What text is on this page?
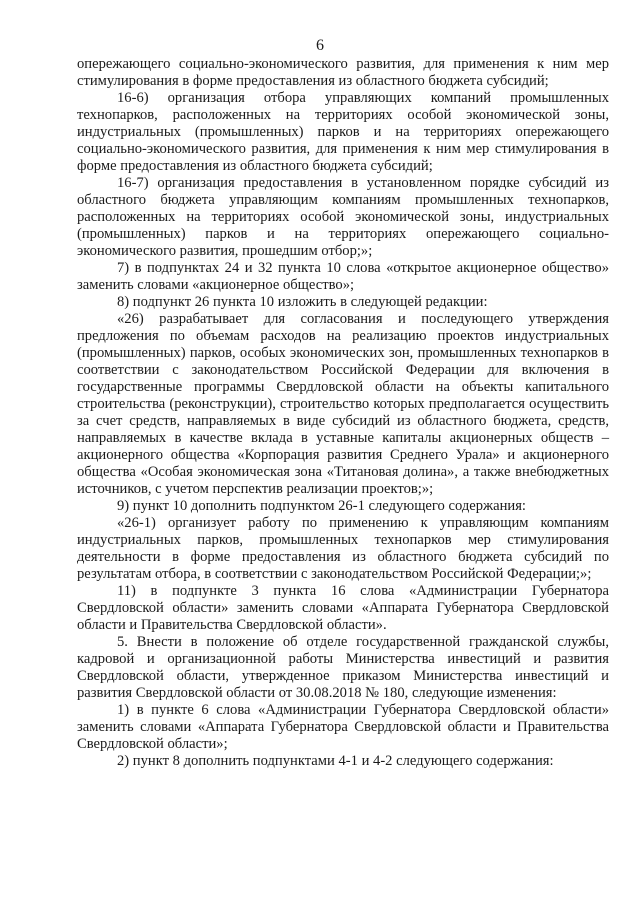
6

опережающего социально-экономического развития, для применения к ним мер стимулирования в форме предоставления из областного бюджета субсидий;

16-6) организация отбора управляющих компаний промышленных технопарков, расположенных на территориях особой экономической зоны, индустриальных (промышленных) парков и на территориях опережающего социально-экономического развития, для применения к ним мер стимулирования в форме предоставления из областного бюджета субсидий;

16-7) организация предоставления в установленном порядке субсидий из областного бюджета управляющим компаниям промышленных технопарков, расположенных на территориях особой экономической зоны, индустриальных (промышленных) парков и на территориях опережающего социально-экономического развития, прошедшим отбор;»;

7) в подпунктах 24 и 32 пункта 10 слова «открытое акционерное общество» заменить словами «акционерное общество»;

8) подпункт 26 пункта 10 изложить в следующей редакции:

«26) разрабатывает для согласования и последующего утверждения предложения по объемам расходов на реализацию проектов индустриальных (промышленных) парков, особых экономических зон, промышленных технопарков в соответствии с законодательством Российской Федерации для включения в государственные программы Свердловской области на объекты капитального строительства (реконструкции), строительство которых предполагается осуществить за счет средств, направляемых в виде субсидий из областного бюджета, средств, направляемых в качестве вклада в уставные капиталы акционерных обществ – акционерного общества «Корпорация развития Среднего Урала» и акционерного общества «Особая экономическая зона «Титановая долина», а также внебюджетных источников, с учетом перспектив реализации проектов;»;

9) пункт 10 дополнить подпунктом 26-1 следующего содержания:

«26-1) организует работу по применению к управляющим компаниям индустриальных парков, промышленных технопарков мер стимулирования деятельности в форме предоставления из областного бюджета субсидий по результатам отбора, в соответствии с законодательством Российской Федерации;»;

11) в подпункте 3 пункта 16 слова «Администрации Губернатора Свердловской области» заменить словами «Аппарата Губернатора Свердловской области и Правительства Свердловской области».

5. Внести в положение об отделе государственной гражданской службы, кадровой и организационной работы Министерства инвестиций и развития Свердловской области, утвержденное приказом Министерства инвестиций и развития Свердловской области от 30.08.2018 № 180, следующие изменения:

1) в пункте 6 слова «Администрации Губернатора Свердловской области» заменить словами «Аппарата Губернатора Свердловской области и Правительства Свердловской области»;

2) пункт 8 дополнить подпунктами 4-1 и 4-2 следующего содержания:
